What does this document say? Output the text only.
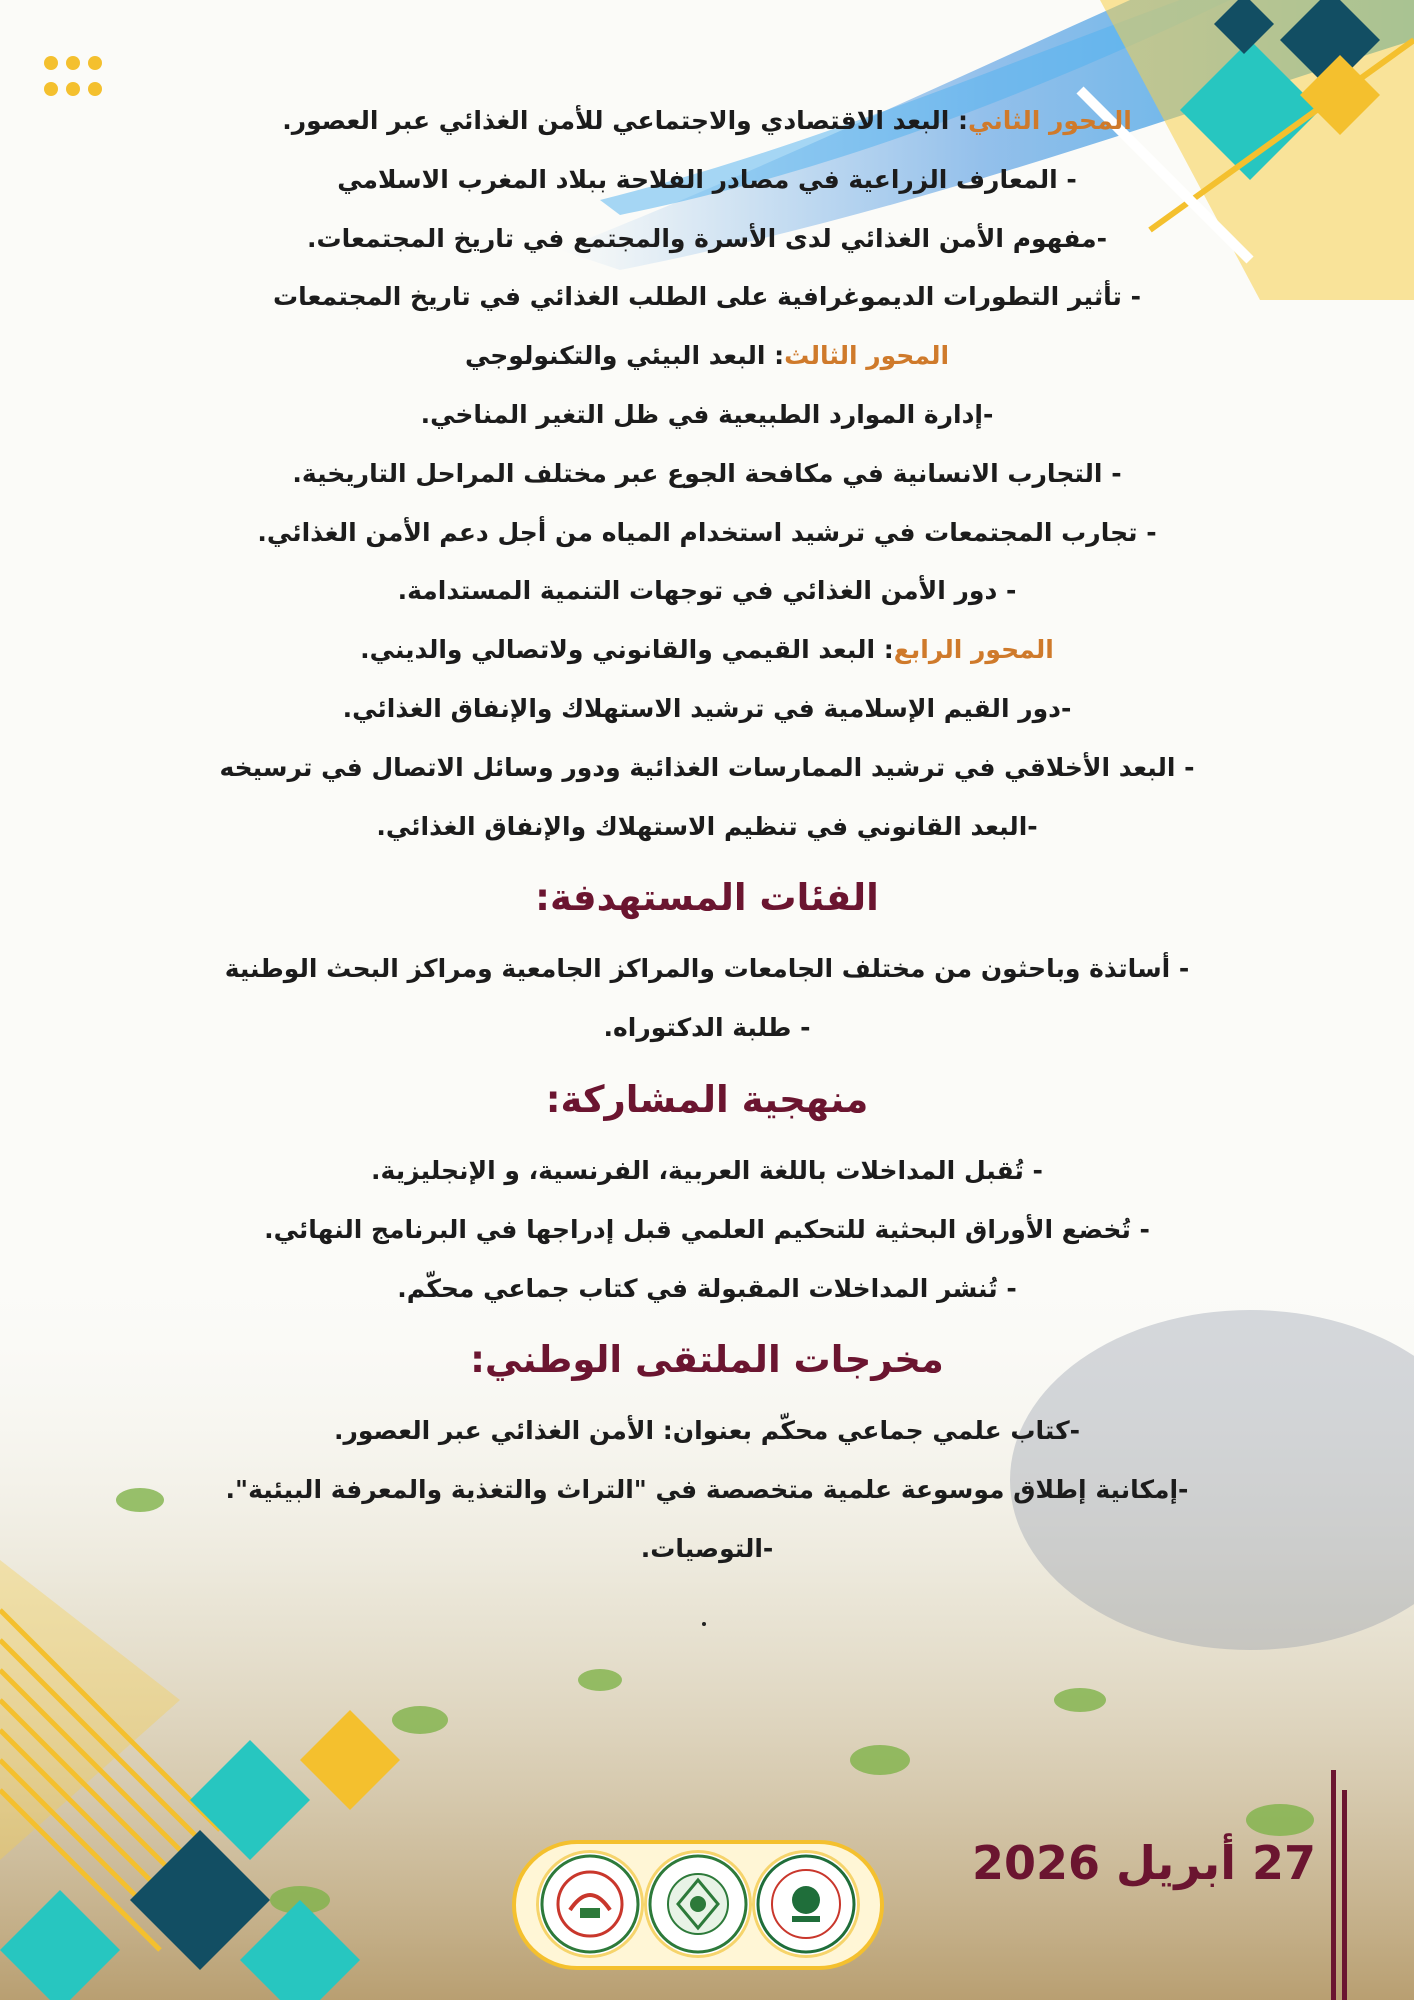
المحور الثاني: البعد الاقتصادي والاجتماعي للأمن الغذائي عبر العصور.
- المعارف الزراعية في مصادر الفلاحة ببلاد المغرب الاسلامي
-مفهوم الأمن الغذائي لدى الأسرة والمجتمع في تاريخ المجتمعات.
- تأثير التطورات الديموغرافية على الطلب الغذائي في تاريخ المجتمعات
المحور الثالث: البعد البيئي والتكنولوجي
-إدارة الموارد الطبيعية في ظل التغير المناخي.
- التجارب الانسانية في مكافحة الجوع عبر مختلف المراحل التاريخية.
- تجارب المجتمعات في ترشيد استخدام المياه من أجل دعم الأمن الغذائي.
- دور الأمن الغذائي في توجهات التنمية المستدامة.
المحور الرابع: البعد القيمي والقانوني ولاتصالي والديني.
-دور القيم الإسلامية في ترشيد الاستهلاك والإنفاق الغذائي.
- البعد الأخلاقي في ترشيد الممارسات الغذائية ودور وسائل الاتصال في ترسيخه
-البعد القانوني في تنظيم الاستهلاك والإنفاق الغذائي.
الفئات المستهدفة:
- أساتذة وباحثون من مختلف الجامعات والمراكز الجامعية ومراكز البحث الوطنية
- طلبة الدكتوراه.
منهجية المشاركة:
- تُقبل المداخلات باللغة العربية، الفرنسية، و الإنجليزية.
- تُخضع الأوراق البحثية للتحكيم العلمي قبل إدراجها في البرنامج النهائي.
- تُنشر المداخلات المقبولة في كتاب جماعي محكّم.
مخرجات الملتقى الوطني:
-كتاب علمي جماعي محكّم بعنوان: الأمن الغذائي عبر العصور.
-إمكانية إطلاق موسوعة علمية متخصصة في "التراث والتغذية والمعرفة البيئية".
-التوصيات.
27 أبريل 2026
